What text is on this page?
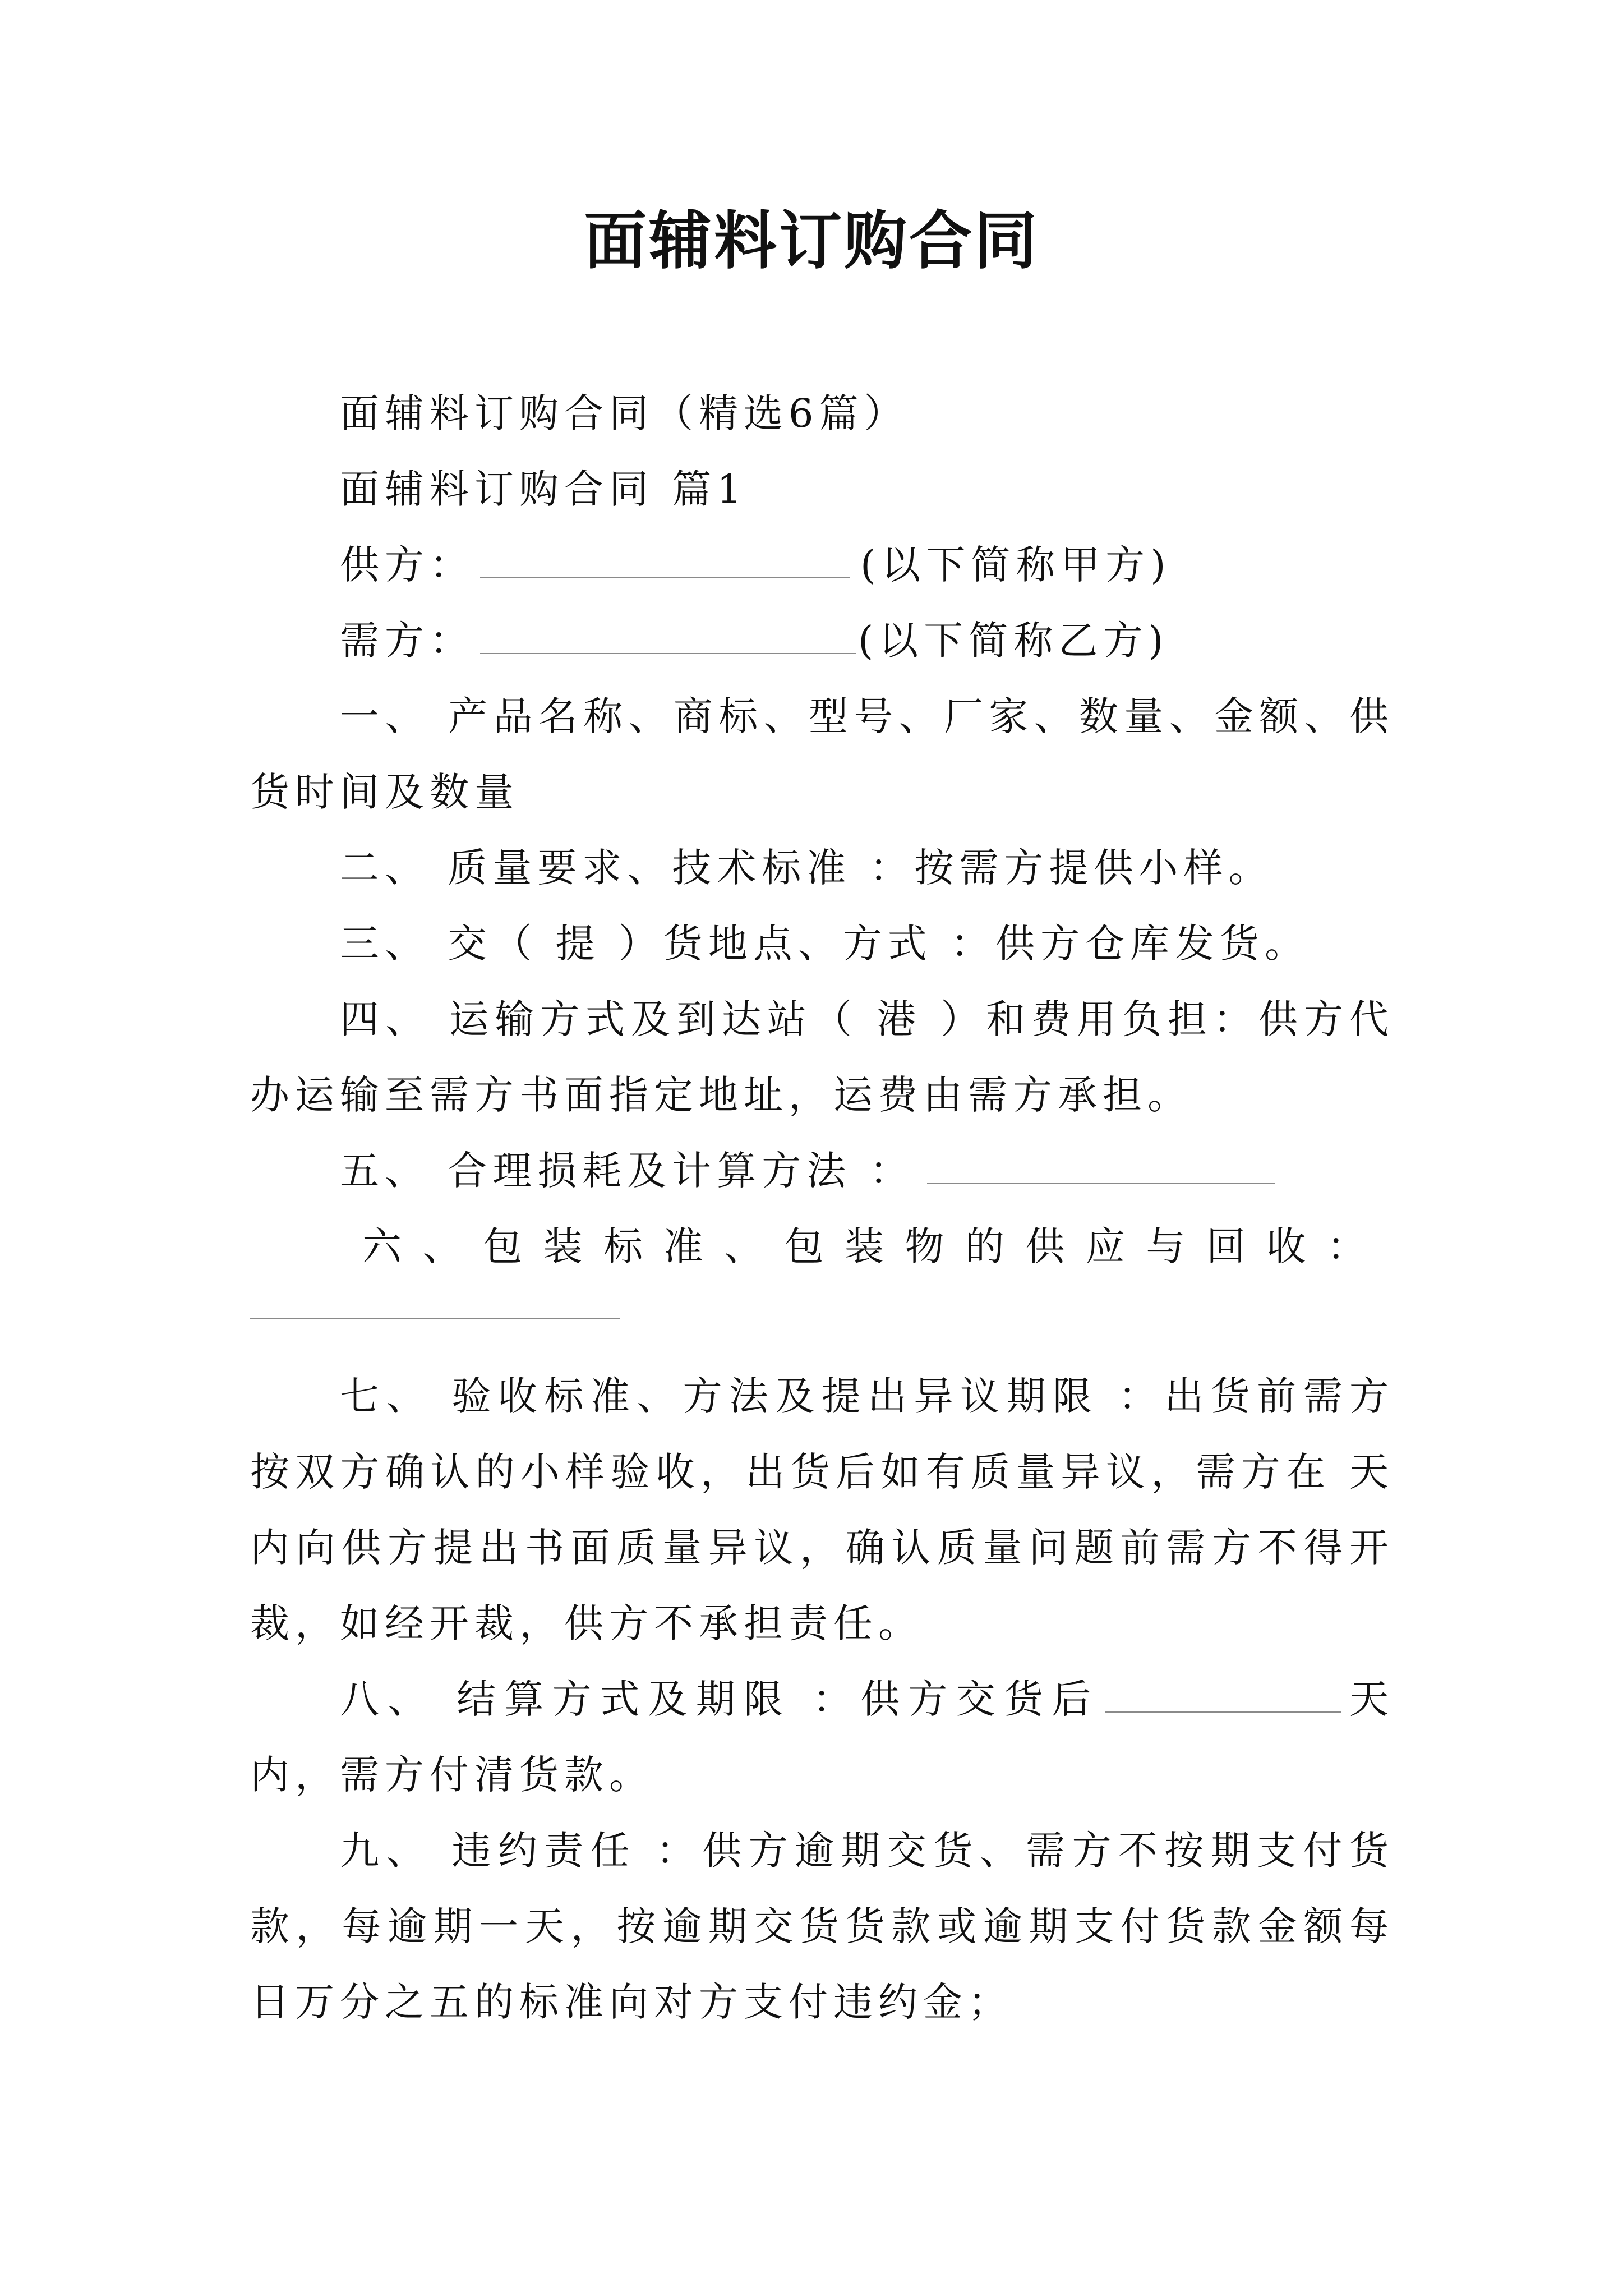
面辅料订购合同

面辅料订购合同（精选6篇）

面辅料订购合同 篇1

供方：	(以下简称甲方)

需方：	(以下简称乙方)

一、 产品名称、商标、型号、厂家、数量、金额、供货时间及数量

二、 质量要求、技术标准 ：按需方提供小样。

三、 交（ 提 ）货地点、方式 ：供方仓库发货。

四、 运输方式及到达站（ 港 ）和费用负担：供方代办运输至需方书面指定地址，运费由需方承担。

五、 合理损耗及计算方法 ：

六 、 包 装 标 准 、 包 装 物 的 供 应 与 回 收 ：

七、 验收标准、方法及提出异议期限 ：出货前需方按双方确认的小样验收，出货后如有质量异议，需方在 天内向供方提出书面质量异议，确认质量问题前需方不得开裁，如经开裁，供方不承担责任。

八、 结算方式及期限 ：供方交货后	天内，需方付清货款。

九、 违约责任 ：供方逾期交货、需方不按期支付货款，每逾期一天，按逾期交货货款或逾期支付货款金额每日万分之五的标准向对方支付违约金；
